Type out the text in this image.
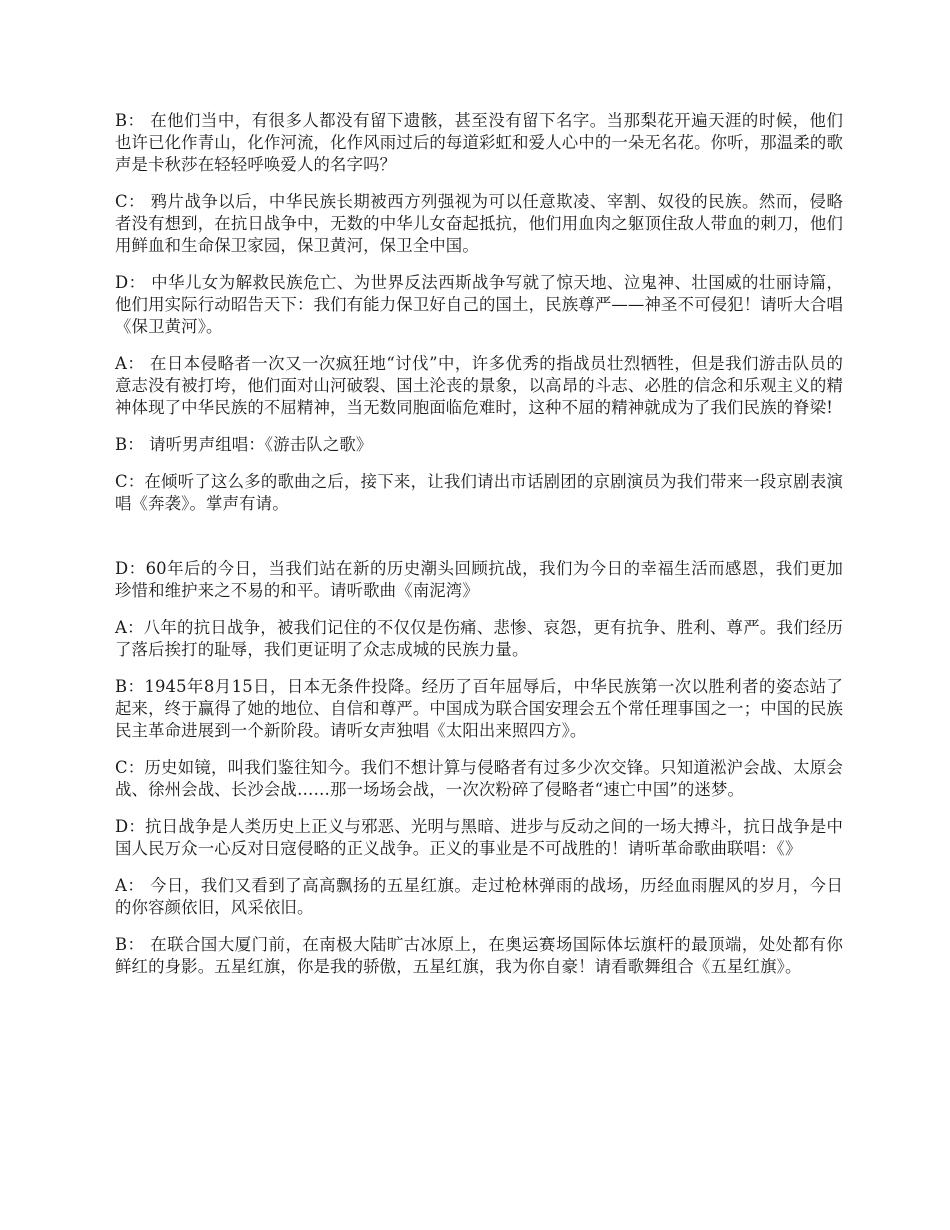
B： 在他们当中，有很多人都没有留下遗骸，甚至没有留下名字。当那梨花开遍天涯的时候，他们也许已化作青山，化作河流，化作风雨过后的每道彩虹和爱人心中的一朵无名花。你听，那温柔的歌声是卡秋莎在轻轻呼唤爱人的名字吗？

C： 鸦片战争以后，中华民族长期被西方列强视为可以任意欺凌、宰割、奴役的民族。然而，侵略者没有想到，在抗日战争中，无数的中华儿女奋起抵抗，他们用血肉之躯顶住敌人带血的刺刀，他们用鲜血和生命保卫家园，保卫黄河，保卫全中国。

D： 中华儿女为解救民族危亡、为世界反法西斯战争写就了惊天地、泣鬼神、壮国威的壮丽诗篇，他们用实际行动昭告天下：我们有能力保卫好自己的国土，民族尊严——神圣不可侵犯！请听大合唱《保卫黄河》。

A： 在日本侵略者一次又一次疯狂地“讨伐”中，许多优秀的指战员壮烈牺牲，但是我们游击队员的意志没有被打垮，他们面对山河破裂、国土沦丧的景象，以高昂的斗志、必胜的信念和乐观主义的精神体现了中华民族的不屈精神，当无数同胞面临危难时，这种不屈的精神就成为了我们民族的脊梁!

B： 请听男声组唱：《游击队之歌》

C：在倾听了这么多的歌曲之后，接下来，让我们请出市话剧团的京剧演员为我们带来一段京剧表演唱《奔袭》。掌声有请。

D：60年后的今日，当我们站在新的历史潮头回顾抗战，我们为今日的幸福生活而感恩，我们更加珍惜和维护来之不易的和平。请听歌曲《南泥湾》

A：八年的抗日战争，被我们记住的不仅仅是伤痛、悲惨、哀怨，更有抗争、胜利、尊严。我们经历了落后挨打的耻辱，我们更证明了众志成城的民族力量。

B：1945年8月15日，日本无条件投降。经历了百年屈辱后，中华民族第一次以胜利者的姿态站了起来，终于赢得了她的地位、自信和尊严。中国成为联合国安理会五个常任理事国之一；中国的民族民主革命进展到一个新阶段。请听女声独唱《太阳出来照四方》。

C：历史如镜，叫我们鉴往知今。我们不想计算与侵略者有过多少次交锋。只知道淞沪会战、太原会战、徐州会战、长沙会战……那一场场会战，一次次粉碎了侵略者“速亡中国”的迷梦。

D：抗日战争是人类历史上正义与邪恶、光明与黑暗、进步与反动之间的一场大搏斗，抗日战争是中国人民万众一心反对日寇侵略的正义战争。正义的事业是不可战胜的！请听革命歌曲联唱：《》

A： 今日，我们又看到了高高飘扬的五星红旗。走过枪林弹雨的战场，历经血雨腥风的岁月，今日的你容颜依旧，风采依旧。

B： 在联合国大厦门前，在南极大陆旷古冰原上，在奥运赛场国际体坛旗杆的最顶端，处处都有你鲜红的身影。五星红旗，你是我的骄傲，五星红旗，我为你自豪！请看歌舞组合《五星红旗》。
